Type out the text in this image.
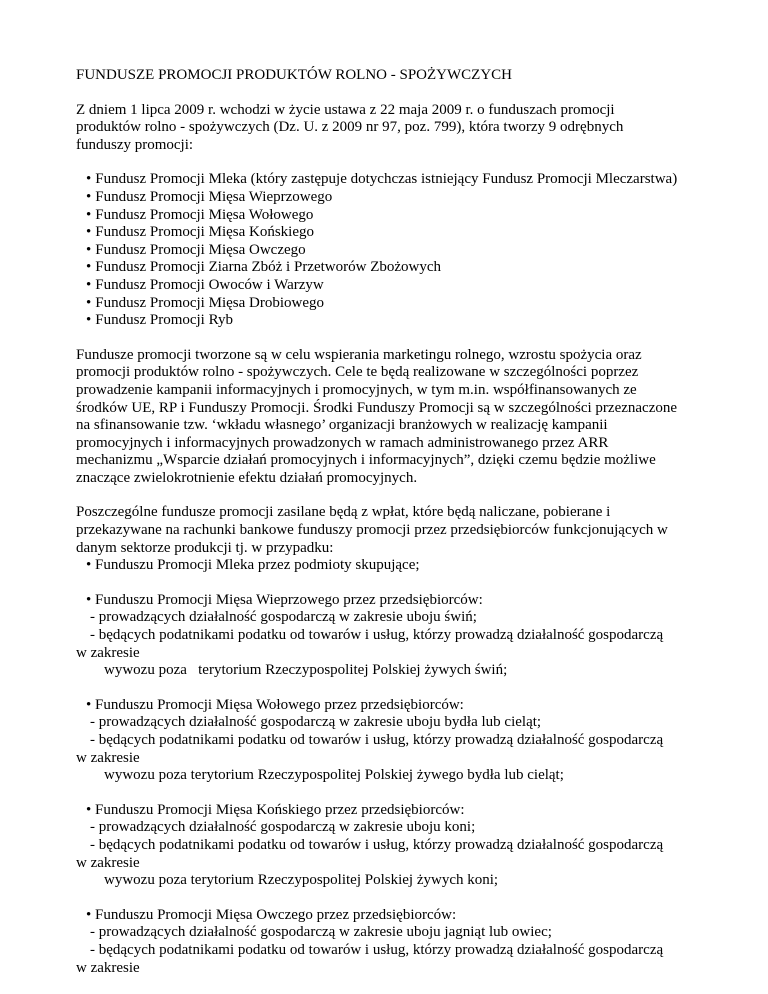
FUNDUSZE PROMOCJI PRODUKTÓW ROLNO - SPOŻYWCZYCH
Z dniem 1 lipca 2009 r. wchodzi w życie ustawa z 22 maja 2009 r. o funduszach promocji
produktów rolno - spożywczych (Dz. U. z 2009 nr 97, poz. 799), która tworzy 9 odrębnych
funduszy promocji:
• Fundusz Promocji Mleka (który zastępuje dotychczas istniejący Fundusz Promocji Mleczarstwa)
• Fundusz Promocji Mięsa Wieprzowego
• Fundusz Promocji Mięsa Wołowego
• Fundusz Promocji Mięsa Końskiego
• Fundusz Promocji Mięsa Owczego
• Fundusz Promocji Ziarna Zbóż i Przetworów Zbożowych
• Fundusz Promocji Owoców i Warzyw
• Fundusz Promocji Mięsa Drobiowego
• Fundusz Promocji Ryb
Fundusze promocji tworzone są w celu wspierania marketingu rolnego, wzrostu spożycia oraz
promocji produktów rolno - spożywczych. Cele te będą realizowane w szczególności poprzez
prowadzenie kampanii informacyjnych i promocyjnych, w tym m.in. współfinansowanych ze
środków UE, RP i Funduszy Promocji. Środki Funduszy Promocji są w szczególności przeznaczone
na sfinansowanie tzw. ‘wkładu własnego’ organizacji branżowych w realizację kampanii
promocyjnych i informacyjnych prowadzonych w ramach administrowanego przez ARR
mechanizmu „Wsparcie działań promocyjnych i informacyjnych”, dzięki czemu będzie możliwe
znaczące zwielokrotnienie efektu działań promocyjnych.
Poszczególne fundusze promocji zasilane będą z wpłat, które będą naliczane, pobierane i
przekazywane na rachunki bankowe funduszy promocji przez przedsiębiorców funkcjonujących w
danym sektorze produkcji tj. w przypadku:
• Funduszu Promocji Mleka przez podmioty skupujące;
• Funduszu Promocji Mięsa Wieprzowego przez przedsiębiorców:
- prowadzących działalność gospodarczą w zakresie uboju świń;
- będących podatnikami podatku od towarów i usług, którzy prowadzą działalność gospodarczą
w zakresie
wywozu poza   terytorium Rzeczypospolitej Polskiej żywych świń;
• Funduszu Promocji Mięsa Wołowego przez przedsiębiorców:
- prowadzących działalność gospodarczą w zakresie uboju bydła lub cieląt;
- będących podatnikami podatku od towarów i usług, którzy prowadzą działalność gospodarczą
w zakresie
wywozu poza terytorium Rzeczypospolitej Polskiej żywego bydła lub cieląt;
• Funduszu Promocji Mięsa Końskiego przez przedsiębiorców:
- prowadzących działalność gospodarczą w zakresie uboju koni;
- będących podatnikami podatku od towarów i usług, którzy prowadzą działalność gospodarczą
w zakresie
wywozu poza terytorium Rzeczypospolitej Polskiej żywych koni;
• Funduszu Promocji Mięsa Owczego przez przedsiębiorców:
- prowadzących działalność gospodarczą w zakresie uboju jagniąt lub owiec;
- będących podatnikami podatku od towarów i usług, którzy prowadzą działalność gospodarczą
w zakresie
